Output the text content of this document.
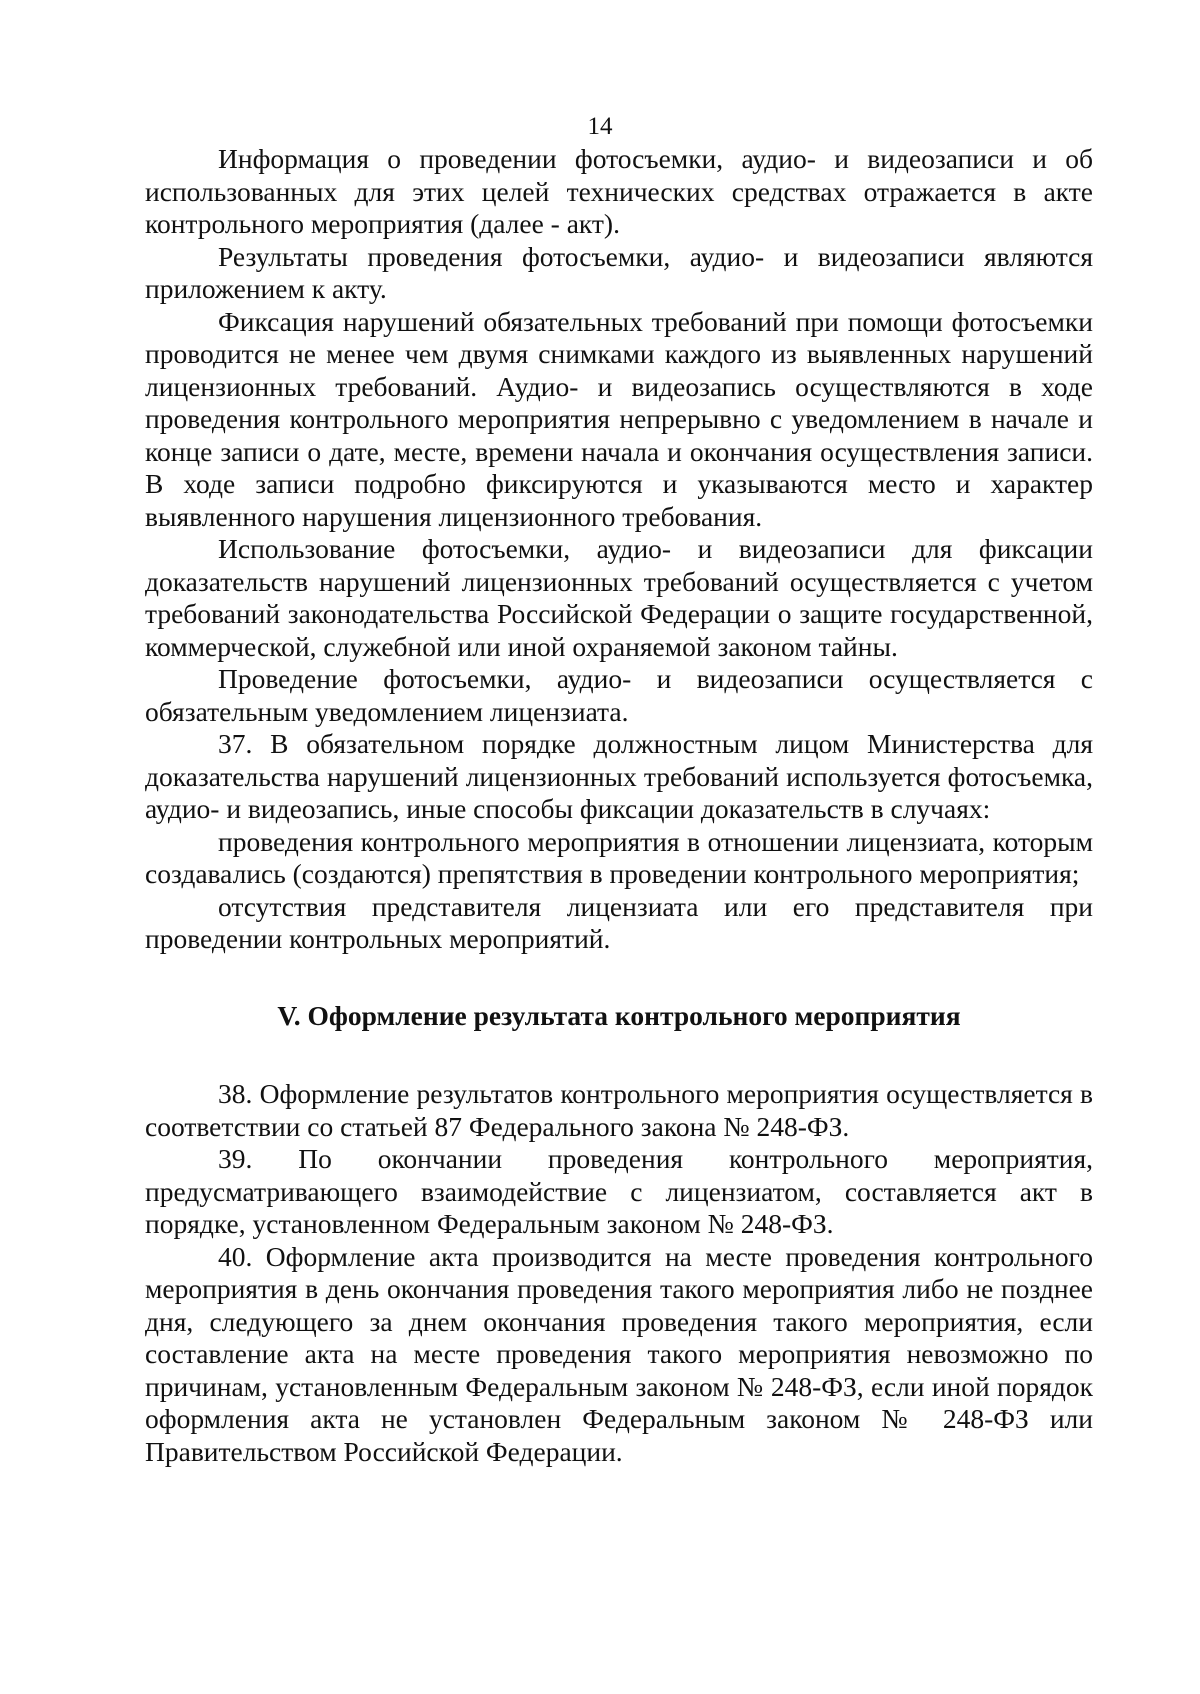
14

Информация о проведении фотосъемки, аудио- и видеозаписи и об использованных для этих целей технических средствах отражается в акте контрольного мероприятия (далее - акт).

Результаты проведения фотосъемки, аудио- и видеозаписи являются приложением к акту.

Фиксация нарушений обязательных требований при помощи фотосъемки проводится не менее чем двумя снимками каждого из выявленных нарушений лицензионных требований. Аудио- и видеозапись осуществляются в ходе проведения контрольного мероприятия непрерывно с уведомлением в начале и конце записи о дате, месте, времени начала и окончания осуществления записи. В ходе записи подробно фиксируются и указываются место и характер выявленного нарушения лицензионного требования.

Использование фотосъемки, аудио- и видеозаписи для фиксации доказательств нарушений лицензионных требований осуществляется с учетом требований законодательства Российской Федерации о защите государственной, коммерческой, служебной или иной охраняемой законом тайны.

Проведение фотосъемки, аудио- и видеозаписи осуществляется с обязательным уведомлением лицензиата.

37. В обязательном порядке должностным лицом Министерства для доказательства нарушений лицензионных требований используется фотосъемка, аудио- и видеозапись, иные способы фиксации доказательств в случаях:

проведения контрольного мероприятия в отношении лицензиата, которым создавались (создаются) препятствия в проведении контрольного мероприятия;

отсутствия представителя лицензиата или его представителя при проведении контрольных мероприятий.

V. Оформление результата контрольного мероприятия

38. Оформление результатов контрольного мероприятия осуществляется в соответствии со статьей 87 Федерального закона № 248-ФЗ.

39. По окончании проведения контрольного мероприятия, предусматривающего взаимодействие с лицензиатом, составляется акт в порядке, установленном Федеральным законом № 248-ФЗ.

40. Оформление акта производится на месте проведения контрольного мероприятия в день окончания проведения такого мероприятия либо не позднее дня, следующего за днем окончания проведения такого мероприятия, если составление акта на месте проведения такого мероприятия невозможно по причинам, установленным Федеральным законом № 248-ФЗ, если иной порядок оформления акта не установлен Федеральным законом № 248-ФЗ или Правительством Российской Федерации.
